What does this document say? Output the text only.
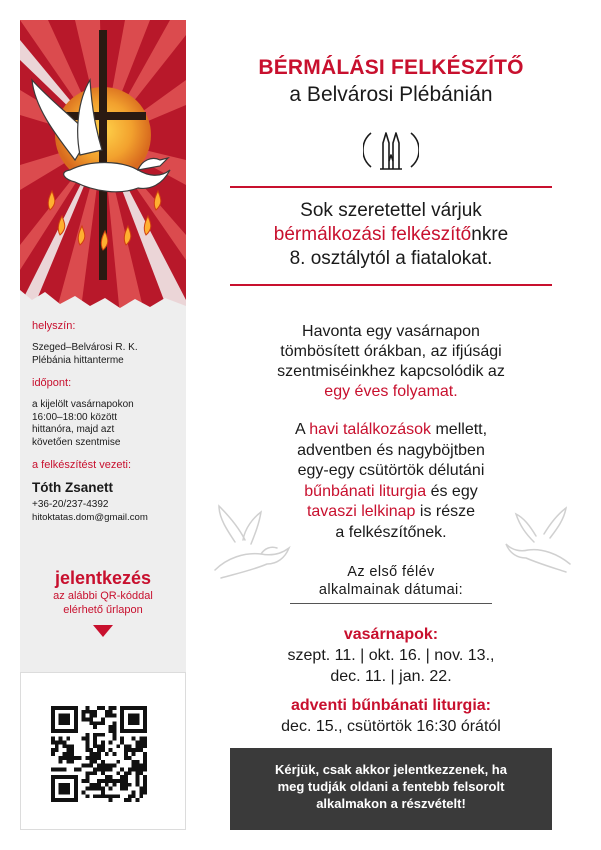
helyszín:
Szeged–Belvárosi R. K.
Plébánia hittanterme
időpont:
a kijelölt vasárnapokon
16:00–18:00 között
hittanóra, majd azt
követően szentmise
a felkészítést vezeti:
Tóth Zsanett
+36-20/237-4392
hitoktatas.dom@gmail.com
jelentkezés
az alábbi QR-kóddal
elérhető űrlapon
BÉRMÁLÁSI FELKÉSZÍTŐ
a Belvárosi Plébánián
Sok szeretettel várjuk
bérmálkozási felkészítőnkre
8. osztálytól a fiatalokat.
Havonta egy vasárnapon
tömbösített órákban, az ifjúsági
szentmiséinkhez kapcsolódik az
egy éves folyamat.
A havi találkozások mellett,
adventben és nagyböjtben
egy-egy csütörtök délutáni
bűnbánati liturgia és egy
tavaszi lelkinap is része
a felkészítőnek.
Az első félév
alkalmainak dátumai:
vasárnapok:
szept. 11. | okt. 16. | nov. 13.,
dec. 11. | jan. 22.
adventi bűnbánati liturgia:
dec. 15., csütörtök 16:30 órától
Kérjük, csak akkor jelentkezzenek, ha
meg tudják oldani a fentebb felsorolt
alkalmakon a részvételt!
